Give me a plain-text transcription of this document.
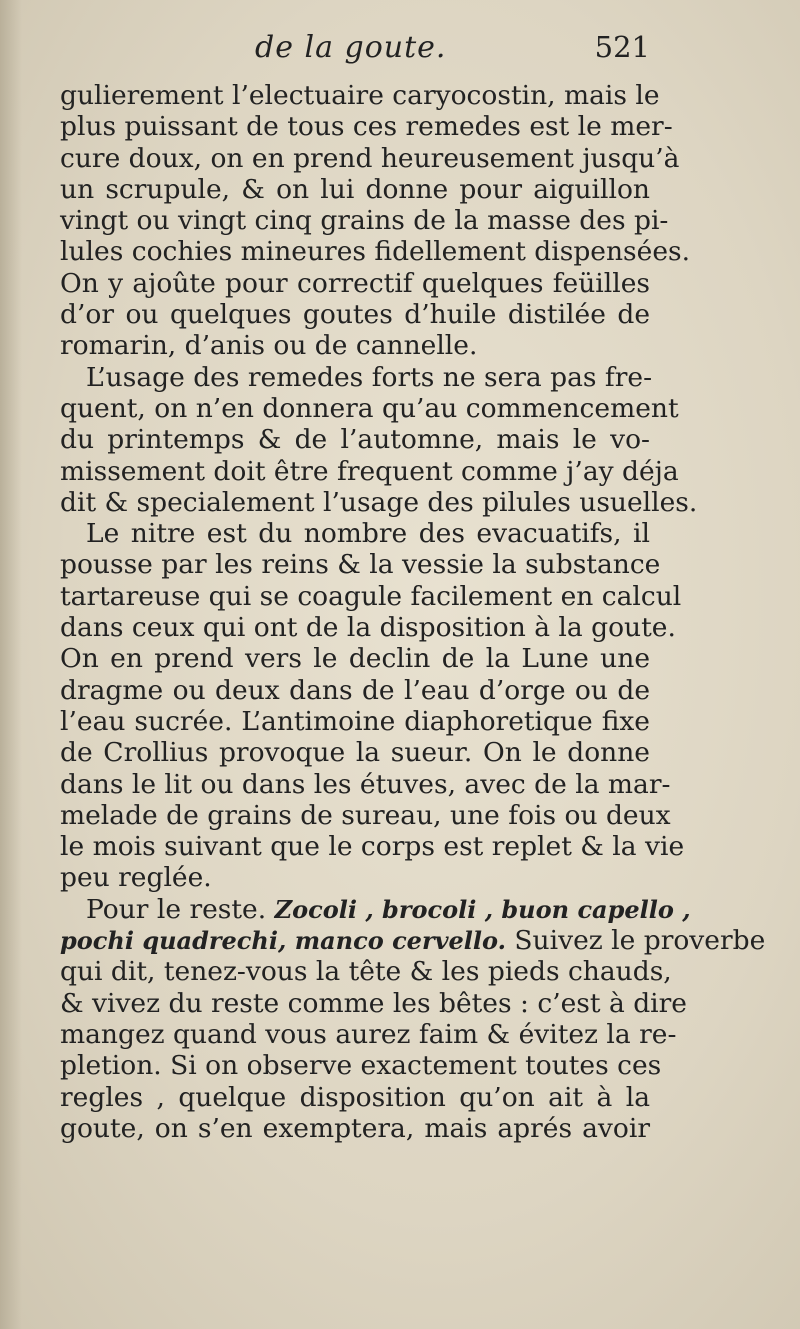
de la goute.	521
gulierement l’electuaire caryocostin, mais le
plus puissant de tous ces remedes est le mer-
cure doux, on en prend heureusement jusqu’à
un scrupule, & on lui donne pour aiguillon
vingt ou vingt cinq grains de la masse des pi-
lules cochies mineures fidellement dispensées.
On y ajoûte pour correctif quelques feüilles
d’or ou quelques goutes d’huile distilée de
romarin, d’anis ou de cannelle.
L’usage des remedes forts ne sera pas fre-
quent, on n’en donnera qu’au commencement
du printemps & de l’automne, mais le vo-
missement doit être frequent comme j’ay déja
dit & specialement l’usage des pilules usuelles.
Le nitre est du nombre des evacuatifs, il
pousse par les reins & la vessie la substance
tartareuse qui se coagule facilement en calcul
dans ceux qui ont de la disposition à la goute.
On en prend vers le declin de la Lune une
dragme ou deux dans de l’eau d’orge ou de
l’eau sucrée. L’antimoine diaphoretique fixe
de Crollius provoque la sueur. On le donne
dans le lit ou dans les étuves, avec de la mar-
melade de grains de sureau, une fois ou deux
le mois suivant que le corps est replet & la vie
peu reglée.
Pour le reste. Zocoli , brocoli , buon capello ,
pochi quadrechi, manco cervello. Suivez le proverbe
qui dit, tenez-vous la tête & les pieds chauds,
& vivez du reste comme les bêtes : c’est à dire
mangez quand vous aurez faim & évitez la re-
pletion. Si on observe exactement toutes ces
regles , quelque disposition qu’on ait à la
goute, on s’en exemptera, mais aprés avoir
